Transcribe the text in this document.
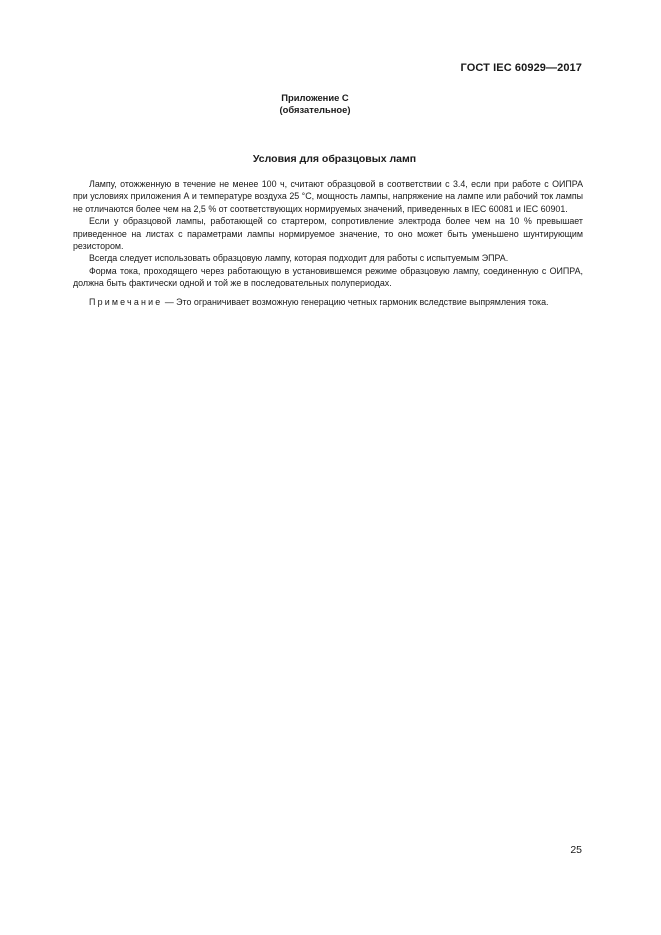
ГОСТ IEC 60929—2017
Приложение С
(обязательное)
Условия для образцовых ламп

Лампу, отожженную в течение не менее 100 ч, считают образцовой в соответствии с 3.4, если при работе с ОИПРА при условиях приложения А и температуре воздуха 25 °С, мощность лампы, напряжение на лампе или рабочий ток лампы не отличаются более чем на 2,5 % от соответствующих нормируемых значений, приведенных в IEC 60081 и IEC 60901.

Если у образцовой лампы, работающей со стартером, сопротивление электрода более чем на 10 % превышает приведенное на листах с параметрами лампы нормируемое значение, то оно может быть уменьшено шунтирующим резистором.

Всегда следует использовать образцовую лампу, которая подходит для работы с испытуемым ЭПРА.

Форма тока, проходящего через работающую в установившемся режиме образцовую лампу, соединенную с ОИПРА, должна быть фактически одной и той же в последовательных полупериодах.

Примечание — Это ограничивает возможную генерацию четных гармоник вследствие выпрямления тока.

25
